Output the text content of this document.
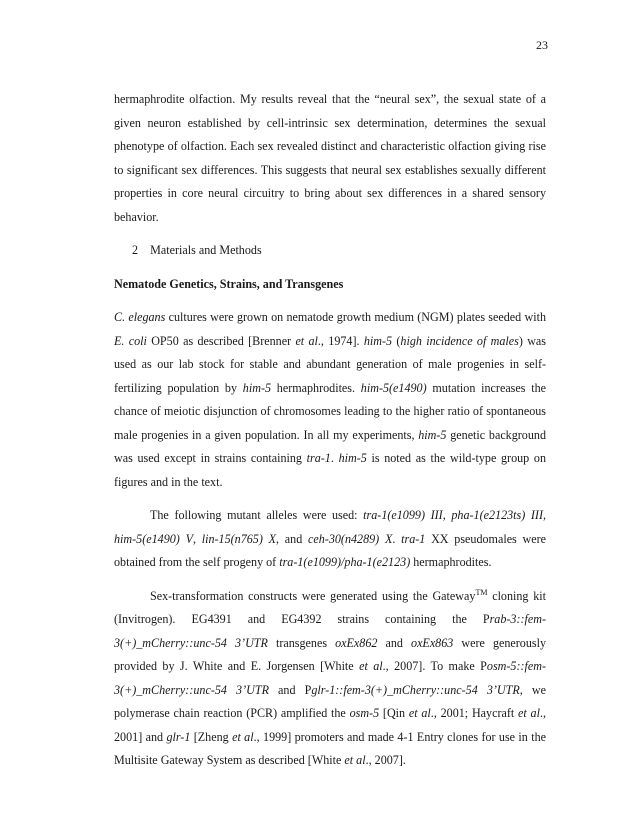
23

hermaphrodite olfaction. My results reveal that the “neural sex”, the sexual state of a given neuron established by cell-intrinsic sex determination, determines the sexual phenotype of olfaction. Each sex revealed distinct and characteristic olfaction giving rise to significant sex differences. This suggests that neural sex establishes sexually different properties in core neural circuitry to bring about sex differences in a shared sensory behavior.

2 Materials and Methods
Nematode Genetics, Strains, and Transgenes

C. elegans cultures were grown on nematode growth medium (NGM) plates seeded with E. coli OP50 as described [Brenner et al., 1974]. him-5 (high incidence of males) was used as our lab stock for stable and abundant generation of male progenies in self-fertilizing population by him-5 hermaphrodites. him-5(e1490) mutation increases the chance of meiotic disjunction of chromosomes leading to the higher ratio of spontaneous male progenies in a given population. In all my experiments, him-5 genetic background was used except in strains containing tra-1. him-5 is noted as the wild-type group on figures and in the text.

The following mutant alleles were used: tra-1(e1099) III, pha-1(e2123ts) III, him-5(e1490) V, lin-15(n765) X, and ceh-30(n4289) X. tra-1 XX pseudomales were obtained from the self progeny of tra-1(e1099)/pha-1(e2123) hermaphrodites.

Sex-transformation constructs were generated using the Gateway™ cloning kit (Invitrogen). EG4391 and EG4392 strains containing the Prab-3::fem-3(+)_mCherry::unc-54 3’UTR transgenes oxEx862 and oxEx863 were generously provided by J. White and E. Jorgensen [White et al., 2007]. To make Posm-5::fem-3(+)_mCherry::unc-54 3’UTR and Pglr-1::fem-3(+)_mCherry::unc-54 3’UTR, we polymerase chain reaction (PCR) amplified the osm-5 [Qin et al., 2001; Haycraft et al., 2001] and glr-1 [Zheng et al., 1999] promoters and made 4-1 Entry clones for use in the Multisite Gateway System as described [White et al., 2007].
